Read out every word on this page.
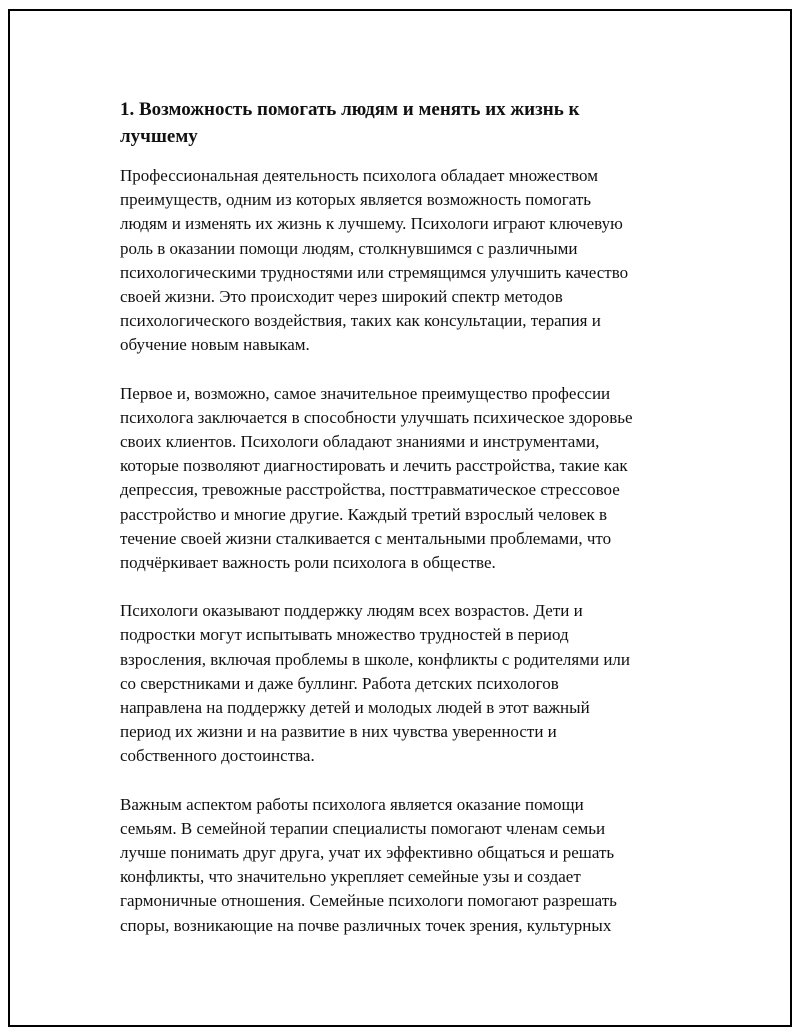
1. Возможность помогать людям и менять их жизнь к
лучшему

Профессиональная деятельность психолога обладает множеством
преимуществ, одним из которых является возможность помогать
людям и изменять их жизнь к лучшему. Психологи играют ключевую
роль в оказании помощи людям, столкнувшимся с различными
психологическими трудностями или стремящимся улучшить качество
своей жизни. Это происходит через широкий спектр методов
психологического воздействия, таких как консультации, терапия и
обучение новым навыкам.

Первое и, возможно, самое значительное преимущество профессии
психолога заключается в способности улучшать психическое здоровье
своих клиентов. Психологи обладают знаниями и инструментами,
которые позволяют диагностировать и лечить расстройства, такие как
депрессия, тревожные расстройства, посттравматическое стрессовое
расстройство и многие другие. Каждый третий взрослый человек в
течение своей жизни сталкивается с ментальными проблемами, что
подчёркивает важность роли психолога в обществе.

Психологи оказывают поддержку людям всех возрастов. Дети и
подростки могут испытывать множество трудностей в период
взросления, включая проблемы в школе, конфликты с родителями или
со сверстниками и даже буллинг. Работа детских психологов
направлена на поддержку детей и молодых людей в этот важный
период их жизни и на развитие в них чувства уверенности и
собственного достоинства.

Важным аспектом работы психолога является оказание помощи
семьям. В семейной терапии специалисты помогают членам семьи
лучше понимать друг друга, учат их эффективно общаться и решать
конфликты, что значительно укрепляет семейные узы и создает
гармоничные отношения. Семейные психологи помогают разрешать
споры, возникающие на почве различных точек зрения, культурных
